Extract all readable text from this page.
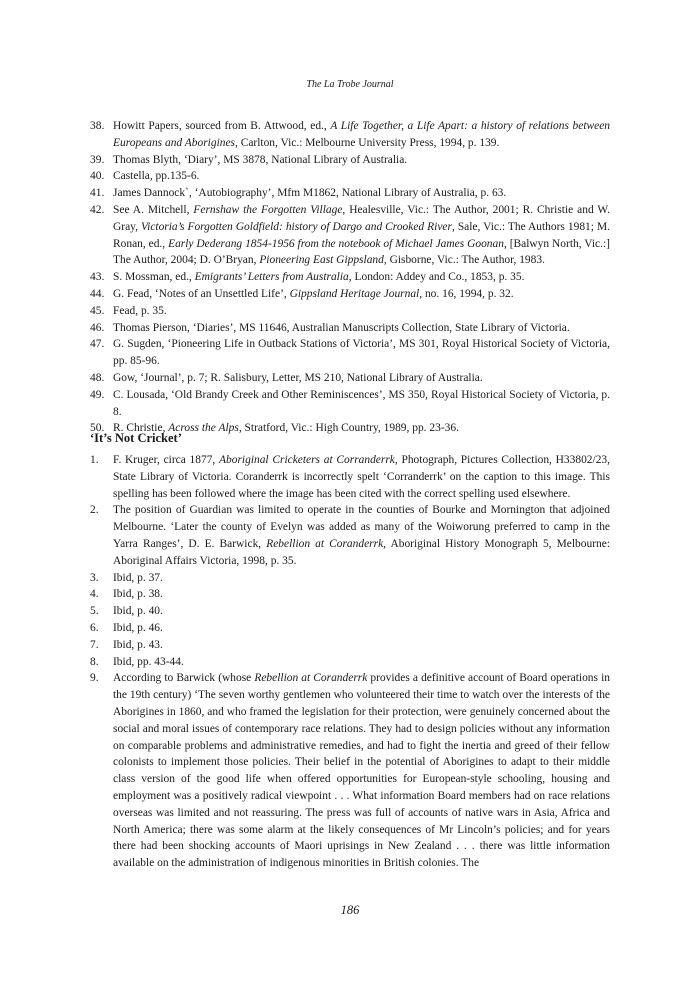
The La Trobe Journal
38. Howitt Papers, sourced from B. Attwood, ed., A Life Together, a Life Apart: a history of relations between Europeans and Aborigines, Carlton, Vic.: Melbourne University Press, 1994, p. 139.
39. Thomas Blyth, ‘Diary’, MS 3878, National Library of Australia.
40. Castella, pp.135-6.
41. James Dannock`, ‘Autobiography’, Mfm M1862, National Library of Australia, p. 63.
42. See A. Mitchell, Fernshaw the Forgotten Village, Healesville, Vic.: The Author, 2001; R. Christie and W. Gray, Victoria’s Forgotten Goldfield: history of Dargo and Crooked River, Sale, Vic.: The Authors 1981; M. Ronan, ed., Early Dederang 1854-1956 from the notebook of Michael James Goonan, [Balwyn North, Vic.:] The Author, 2004; D. O’Bryan, Pioneering East Gippsland, Gisborne, Vic.: The Author, 1983.
43. S. Mossman, ed., Emigrants’ Letters from Australia, London: Addey and Co., 1853, p. 35.
44. G. Fead, ‘Notes of an Unsettled Life’, Gippsland Heritage Journal, no. 16, 1994, p. 32.
45. Fead, p. 35.
46. Thomas Pierson, ‘Diaries’, MS 11646, Australian Manuscripts Collection, State Library of Victoria.
47. G. Sugden, ‘Pioneering Life in Outback Stations of Victoria’, MS 301, Royal Historical Society of Victoria, pp. 85-96.
48. Gow, ‘Journal’, p. 7; R. Salisbury, Letter, MS 210, National Library of Australia.
49. C. Lousada, ‘Old Brandy Creek and Other Reminiscences’, MS 350, Royal Historical Society of Victoria, p. 8.
50. R. Christie, Across the Alps, Stratford, Vic.: High Country, 1989, pp. 23-36.
‘It’s Not Cricket’
1. F. Kruger, circa 1877, Aboriginal Cricketers at Corranderrk, Photograph, Pictures Collection, H33802/23, State Library of Victoria. Coranderrk is incorrectly spelt ‘Corranderrk’ on the caption to this image. This spelling has been followed where the image has been cited with the correct spelling used elsewhere.
2. The position of Guardian was limited to operate in the counties of Bourke and Mornington that adjoined Melbourne. ‘Later the county of Evelyn was added as many of the Woiworung preferred to camp in the Yarra Ranges’, D. E. Barwick, Rebellion at Coranderrk, Aboriginal History Monograph 5, Melbourne: Aboriginal Affairs Victoria, 1998, p. 35.
3. Ibid, p. 37.
4. Ibid, p. 38.
5. Ibid, p. 40.
6. Ibid, p. 46.
7. Ibid, p. 43.
8. Ibid, pp. 43-44.
9. According to Barwick (whose Rebellion at Coranderrk provides a definitive account of Board operations in the 19th century) ‘The seven worthy gentlemen who volunteered their time to watch over the interests of the Aborigines in 1860, and who framed the legislation for their protection, were genuinely concerned about the social and moral issues of contemporary race relations. They had to design policies without any information on comparable problems and administrative remedies, and had to fight the inertia and greed of their fellow colonists to implement those policies. Their belief in the potential of Aborigines to adapt to their middle class version of the good life when offered opportunities for European-style schooling, housing and employment was a positively radical viewpoint . . . What information Board members had on race relations overseas was limited and not reassuring. The press was full of accounts of native wars in Asia, Africa and North America; there was some alarm at the likely consequences of Mr Lincoln’s policies; and for years there had been shocking accounts of Maori uprisings in New Zealand . . . there was little information available on the administration of indigenous minorities in British colonies. The
186
